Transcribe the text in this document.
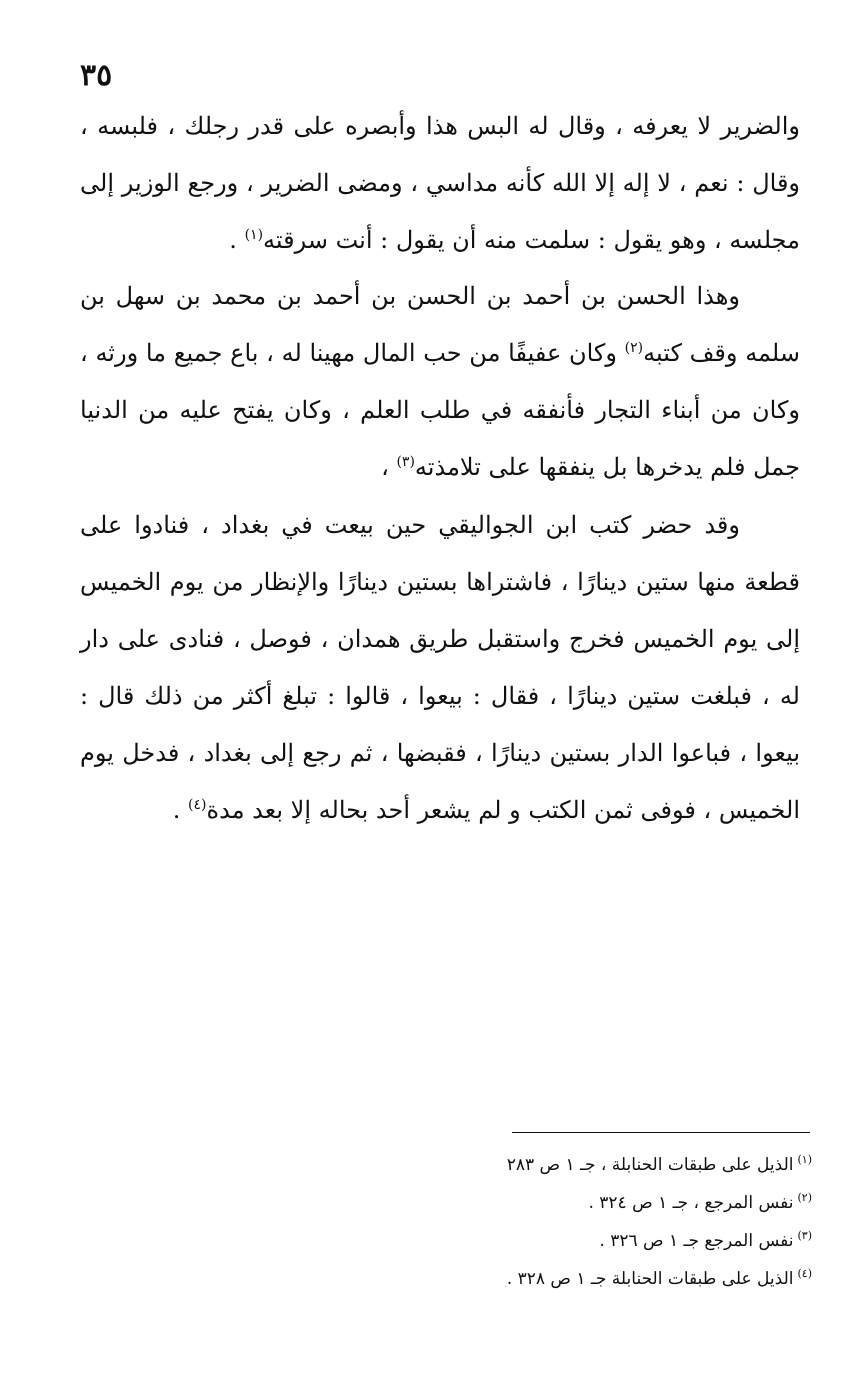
٣٥

والضرير لا يعرفه ، وقال له البس هذا وأبصره على قدر رجلك ، فلبسه ، وقال : نعم ، لا إله إلا الله كأنه مداسي ، ومضى الضرير ، ورجع الوزير إلى مجلسه ، وهو يقول : سلمت منه أن يقول : أنت سرقته$^{(١)}$ .

وهذا الحسن بن أحمد بن الحسن بن أحمد بن محمد بن سهل بن سلمه وقف كتبه$^{(٢)}$ وكان عفيفًا من حب المال مهينا له ، باع جميع ما ورثه ، وكان من أبناء التجار فأنفقه في طلب العلم ، وكان يفتح عليه من الدنيا جمل فلم يدخرها بل ينفقها على تلامذته$^{(٣)}$ ،

وقد حضر كتب ابن الجواليقي حين بيعت في بغداد ، فنادوا على قطعة منها ستين دينارًا ، فاشتراها بستين دينارًا والإنظار من يوم الخميس إلى يوم الخميس فخرج واستقبل طريق همدان ، فوصل ، فنادى على دار له ، فبلغت ستين دينارًا ، فقال : بيعوا ، قالوا : تبلغ أكثر من ذلك قال : بيعوا ، فباعوا الدار بستين دينارًا ، فقبضها ، ثم رجع إلى بغداد ، فدخل يوم الخميس ، فوفى ثمن الكتب و لم يشعر أحد بحاله إلا بعد مدة$^{(٤)}$ .

$^{(١)}$الذيل على طبقات الحنابلة ، جـ ١ ص ٢٨٣
$^{(٢)}$نفس المرجع ، جـ ١ ص ٣٢٤ .
$^{(٣)}$نفس المرجع جـ ١ ص ٣٢٦ .
$^{(٤)}$الذيل على طبقات الحنابلة جـ ١ ص ٣٢٨ .
